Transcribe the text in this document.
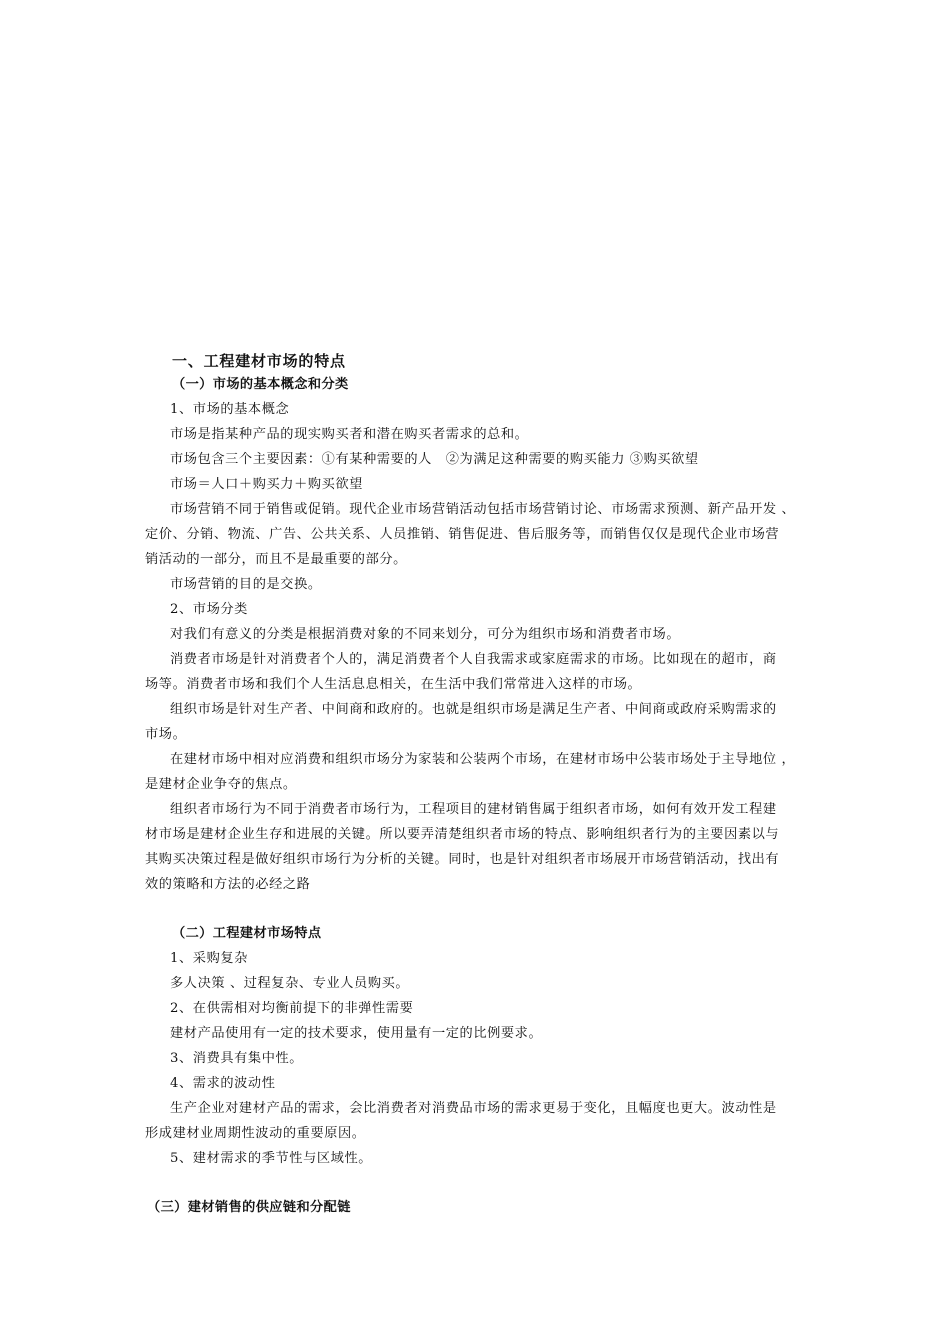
一、工程建材市场的特点
（一）市场的基本概念和分类
1、市场的基本概念
市场是指某种产品的现实购买者和潜在购买者需求的总和。
市场包含三个主要因素：①有某种需要的人　②为满足这种需要的购买能力 ③购买欲望
市场＝人口＋购买力＋购买欲望
市场营销不同于销售或促销。现代企业市场营销活动包括市场营销讨论、市场需求预测、新产品开发 、
定价、分销、物流、广告、公共关系、人员推销、销售促进、售后服务等，而销售仅仅是现代企业市场营
销活动的一部分，而且不是最重要的部分。
市场营销的目的是交换。
2、市场分类
对我们有意义的分类是根据消费对象的不同来划分，可分为组织市场和消费者市场。
消费者市场是针对消费者个人的，满足消费者个人自我需求或家庭需求的市场。比如现在的超市，商
场等。消费者市场和我们个人生活息息相关，在生活中我们常常进入这样的市场。
组织市场是针对生产者、中间商和政府的。也就是组织市场是满足生产者、中间商或政府采购需求的
市场。
在建材市场中相对应消费和组织市场分为家装和公装两个市场，在建材市场中公装市场处于主导地位 ，
是建材企业争夺的焦点。
组织者市场行为不同于消费者市场行为，工程项目的建材销售属于组织者市场，如何有效开发工程建
材市场是建材企业生存和进展的关键。所以要弄清楚组织者市场的特点、影响组织者行为的主要因素以与
其购买决策过程是做好组织市场行为分析的关键。同时，也是针对组织者市场展开市场营销活动，找出有
效的策略和方法的必经之路
（二）工程建材市场特点
1、采购复杂
多人决策 、过程复杂、专业人员购买。
2、在供需相对均衡前提下的非弹性需要
建材产品使用有一定的技术要求，使用量有一定的比例要求。
3、消费具有集中性。
4、需求的波动性
生产企业对建材产品的需求，会比消费者对消费品市场的需求更易于变化，且幅度也更大。波动性是
形成建材业周期性波动的重要原因。
5、建材需求的季节性与区域性。
（三）建材销售的供应链和分配链
